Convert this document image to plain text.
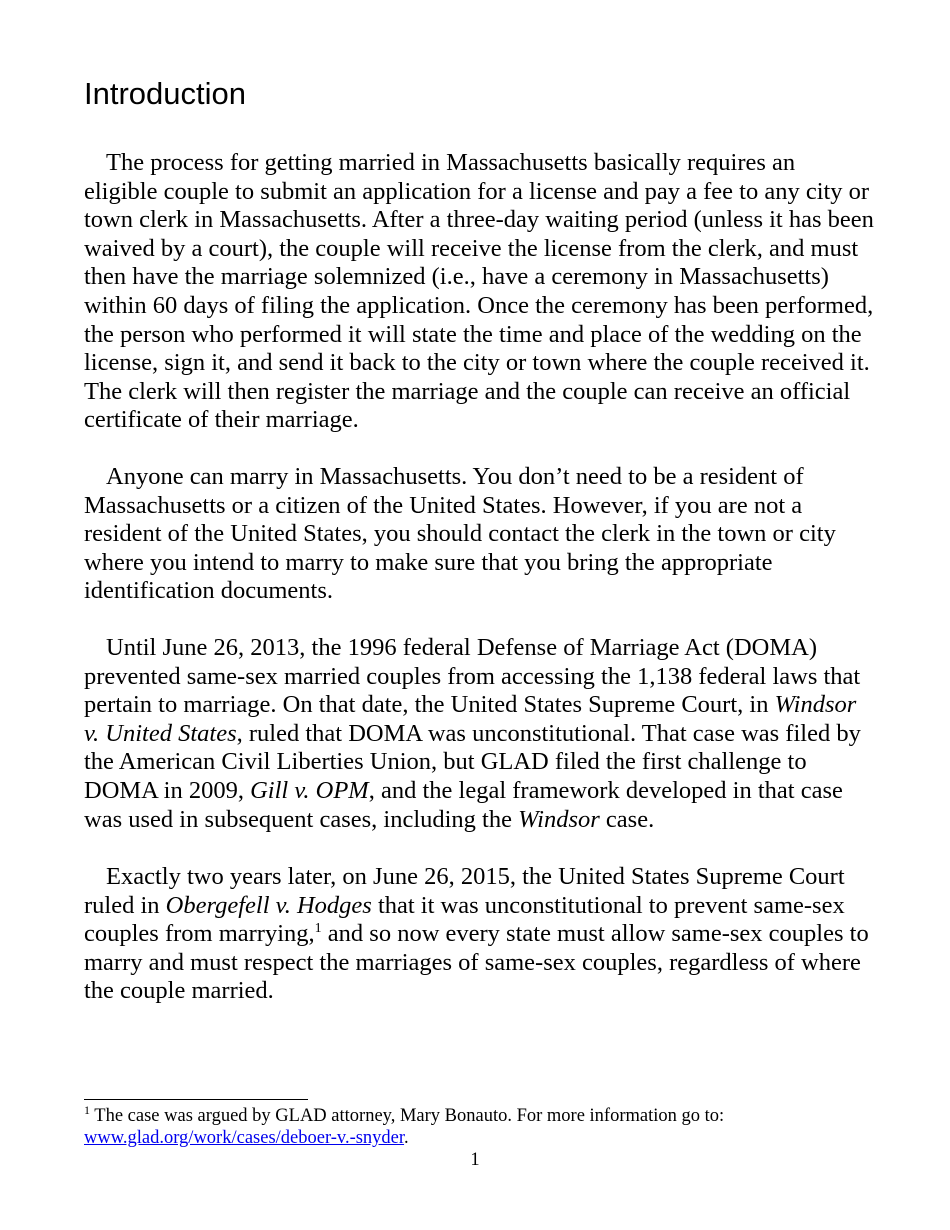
Introduction

The process for getting married in Massachusetts basically requires an eligible couple to submit an application for a license and pay a fee to any city or town clerk in Massachusetts. After a three-day waiting period (unless it has been waived by a court), the couple will receive the license from the clerk, and must then have the marriage solemnized (i.e., have a ceremony in Massachusetts) within 60 days of filing the application. Once the ceremony has been performed, the person who performed it will state the time and place of the wedding on the license, sign it, and send it back to the city or town where the couple received it. The clerk will then register the marriage and the couple can receive an official certificate of their marriage.

Anyone can marry in Massachusetts. You don’t need to be a resident of Massachusetts or a citizen of the United States. However, if you are not a resident of the United States, you should contact the clerk in the town or city where you intend to marry to make sure that you bring the appropriate identification documents.

Until June 26, 2013, the 1996 federal Defense of Marriage Act (DOMA) prevented same-sex married couples from accessing the 1,138 federal laws that pertain to marriage. On that date, the United States Supreme Court, in Windsor v. United States, ruled that DOMA was unconstitutional. That case was filed by the American Civil Liberties Union, but GLAD filed the first challenge to DOMA in 2009, Gill v. OPM, and the legal framework developed in that case was used in subsequent cases, including the Windsor case.

Exactly two years later, on June 26, 2015, the United States Supreme Court ruled in Obergefell v. Hodges that it was unconstitutional to prevent same-sex couples from marrying,$^1$ and so now every state must allow same-sex couples to marry and must respect the marriages of same-sex couples, regardless of where the couple married.

$^1$ The case was argued by GLAD attorney, Mary Bonauto. For more information go to:
www.glad.org/work/cases/deboer-v.-snyder.

1
